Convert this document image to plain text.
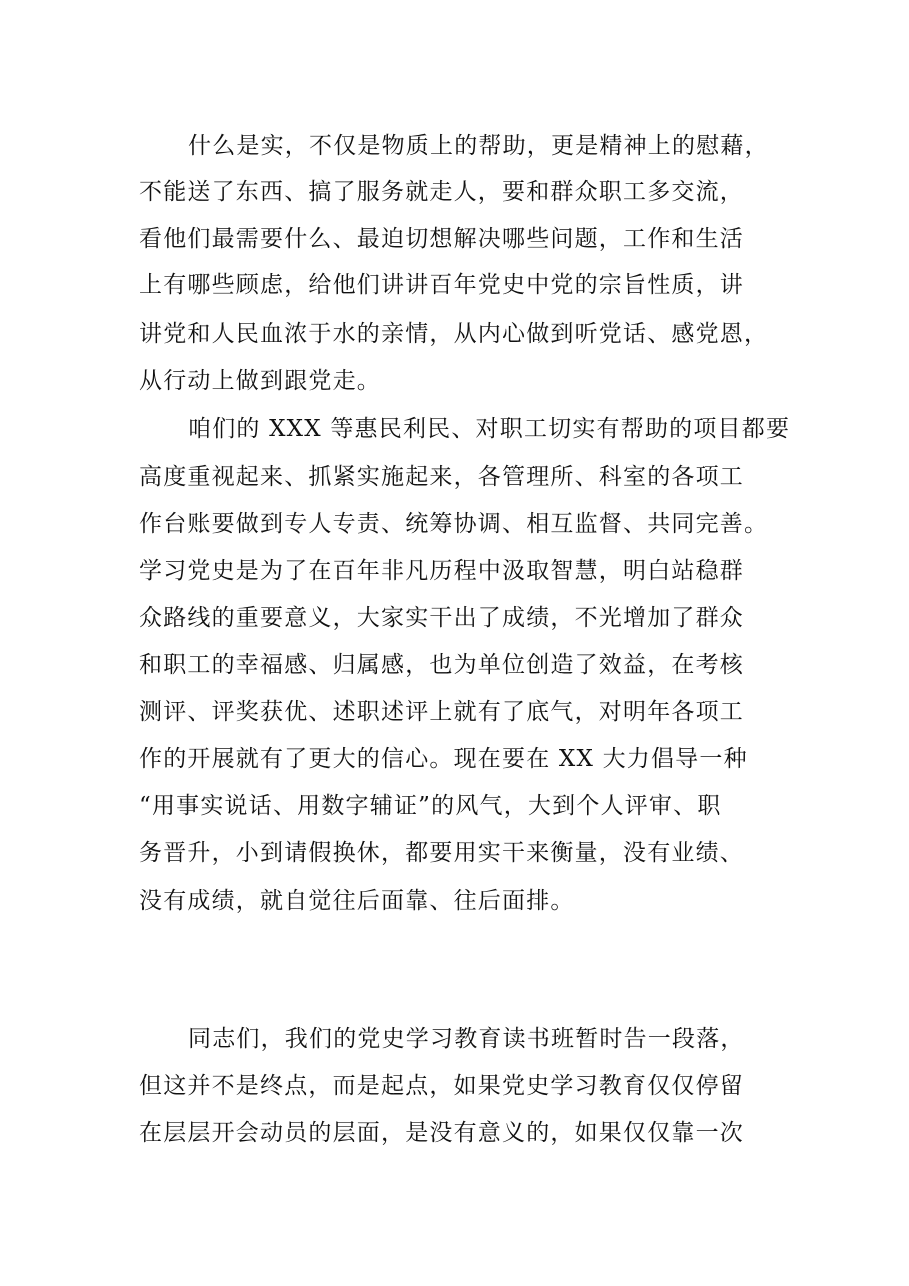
什么是实，不仅是物质上的帮助，更是精神上的慰藉，
不能送了东西、搞了服务就走人，要和群众职工多交流，
看他们最需要什么、最迫切想解决哪些问题，工作和生活
上有哪些顾虑，给他们讲讲百年党史中党的宗旨性质，讲
讲党和人民血浓于水的亲情，从内心做到听党话、感党恩，
从行动上做到跟党走。
咱们的 XXX 等惠民利民、对职工切实有帮助的项目都要
高度重视起来、抓紧实施起来，各管理所、科室的各项工
作台账要做到专人专责、统筹协调、相互监督、共同完善。
学习党史是为了在百年非凡历程中汲取智慧，明白站稳群
众路线的重要意义，大家实干出了成绩，不光增加了群众
和职工的幸福感、归属感，也为单位创造了效益，在考核
测评、评奖获优、述职述评上就有了底气，对明年各项工
作的开展就有了更大的信心。现在要在 XX 大力倡导一种
“用事实说话、用数字辅证”的风气，大到个人评审、职
务晋升，小到请假换休，都要用实干来衡量，没有业绩、
没有成绩，就自觉往后面靠、往后面排。
同志们，我们的党史学习教育读书班暂时告一段落，
但这并不是终点，而是起点，如果党史学习教育仅仅停留
在层层开会动员的层面，是没有意义的，如果仅仅靠一次
